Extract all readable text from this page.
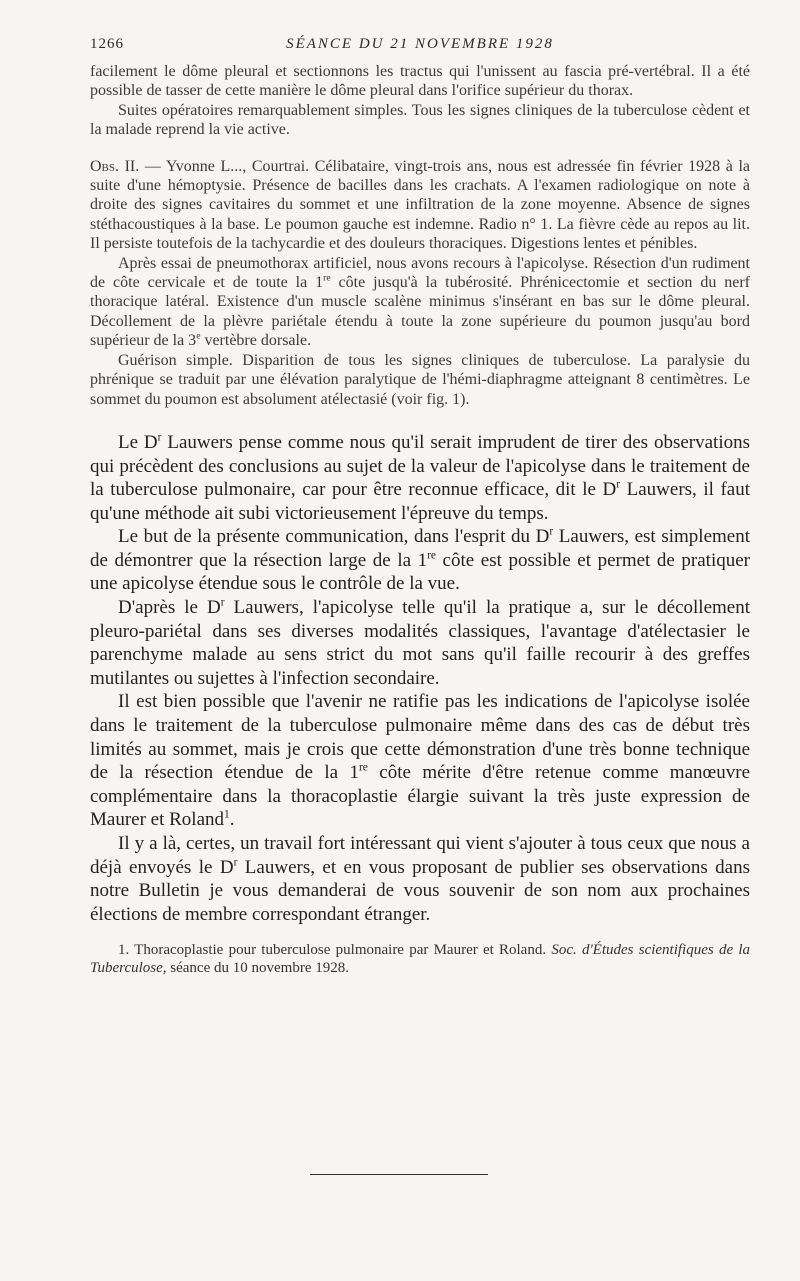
1266	SÉANCE DU 21 NOVEMBRE 1928

facilement le dôme pleural et sectionnons les tractus qui l'unissent au fascia pré-vertébral. Il a été possible de tasser de cette manière le dôme pleural dans l'orifice supérieur du thorax.

Suites opératoires remarquablement simples. Tous les signes cliniques de la tuberculose cèdent et la malade reprend la vie active.

Obs. II. — Yvonne L..., Courtrai. Célibataire, vingt-trois ans, nous est adressée fin février 1928 à la suite d'une hémoptysie. Présence de bacilles dans les crachats. A l'examen radiologique on note à droite des signes cavitaires du sommet et une infiltration de la zone moyenne. Absence de signes stéthacoustiques à la base. Le poumon gauche est indemne. Radio n° 1. La fièvre cède au repos au lit. Il persiste toutefois de la tachycardie et des douleurs thoraciques. Digestions lentes et pénibles.

Après essai de pneumothorax artificiel, nous avons recours à l'apicolyse. Résection d'un rudiment de côte cervicale et de toute la 1re côte jusqu'à la tubérosité. Phrénicectomie et section du nerf thoracique latéral. Existence d'un muscle scalène minimus s'insérant en bas sur le dôme pleural. Décollement de la plèvre pariétale étendu à toute la zone supérieure du poumon jusqu'au bord supérieur de la 3e vertèbre dorsale.

Guérison simple. Disparition de tous les signes cliniques de tuberculose. La paralysie du phrénique se traduit par une élévation paralytique de l'hémi-diaphragme atteignant 8 centimètres. Le sommet du poumon est absolument atélectasié (voir fig. 1).

Le $D^r$ Lauwers pense comme nous qu'il serait imprudent de tirer des observations qui précèdent des conclusions au sujet de la valeur de l'apicolyse dans le traitement de la tuberculose pulmonaire, car pour être reconnue efficace, dit le $D^r$ Lauwers, il faut qu'une méthode ait subi victorieusement l'épreuve du temps.

Le but de la présente communication, dans l'esprit du $D^r$ Lauwers, est simplement de démontrer que la résection large de la 1re côte est possible et permet de pratiquer une apicolyse étendue sous le contrôle de la vue.

D'après le $D^r$ Lauwers, l'apicolyse telle qu'il la pratique a, sur le décollement pleuro-pariétal dans ses diverses modalités classiques, l'avantage d'atélectasier le parenchyme malade au sens strict du mot sans qu'il faille recourir à des greffes mutilantes ou sujettes à l'infection secondaire.

Il est bien possible que l'avenir ne ratifie pas les indications de l'apicolyse isolée dans le traitement de la tuberculose pulmonaire même dans des cas de début très limités au sommet, mais je crois que cette démonstration d'une très bonne technique de la résection étendue de la 1re côte mérite d'être retenue comme manœuvre complémentaire dans la thoracoplastie élargie suivant la très juste expression de Maurer et Roland$^1$.

Il y a là, certes, un travail fort intéressant qui vient s'ajouter à tous ceux que nous a déjà envoyés le $D^r$ Lauwers, et en vous proposant de publier ses observations dans notre Bulletin je vous demanderai de vous souvenir de son nom aux prochaines élections de membre correspondant étranger.

1. Thoracoplastie pour tuberculose pulmonaire par Maurer et Roland. Soc. d'Études scientifiques de la Tuberculose, séance du 10 novembre 1928.
